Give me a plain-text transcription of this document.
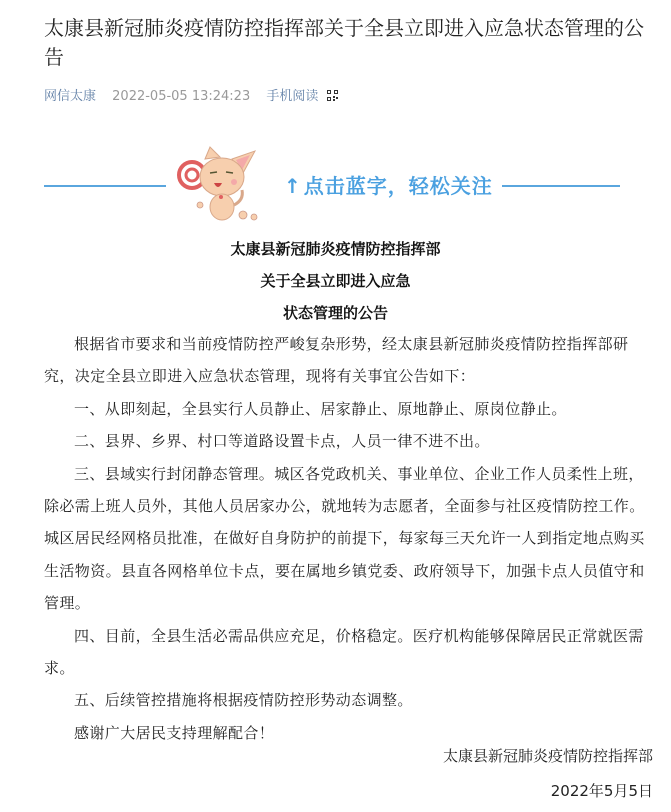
太康县新冠肺炎疫情防控指挥部关于全县立即进入应急状态管理的公告
网信太康 2022-05-05 13:24:23 手机阅读
↑ 点击蓝字，轻松关注
太康县新冠肺炎疫情防控指挥部
关于全县立即进入应急
状态管理的公告

根据省市要求和当前疫情防控严峻复杂形势，经太康县新冠肺炎疫情防控指挥部研究，决定全县立即进入应急状态管理，现将有关事宜公告如下：

一、从即刻起，全县实行人员静止、居家静止、原地静止、原岗位静止。

二、县界、乡界、村口等道路设置卡点，人员一律不进不出。

三、县域实行封闭静态管理。城区各党政机关、事业单位、企业工作人员柔性上班，除必需上班人员外，其他人员居家办公，就地转为志愿者，全面参与社区疫情防控工作。城区居民经网格员批准，在做好自身防护的前提下，每家每三天允许一人到指定地点购买生活物资。县直各网格单位卡点，要在属地乡镇党委、政府领导下，加强卡点人员值守和管理。

四、目前，全县生活必需品供应充足，价格稳定。医疗机构能够保障居民正常就医需求。

五、后续管控措施将根据疫情防控形势动态调整。

感谢广大居民支持理解配合！

太康县新冠肺炎疫情防控指挥部
2022年5月5日
